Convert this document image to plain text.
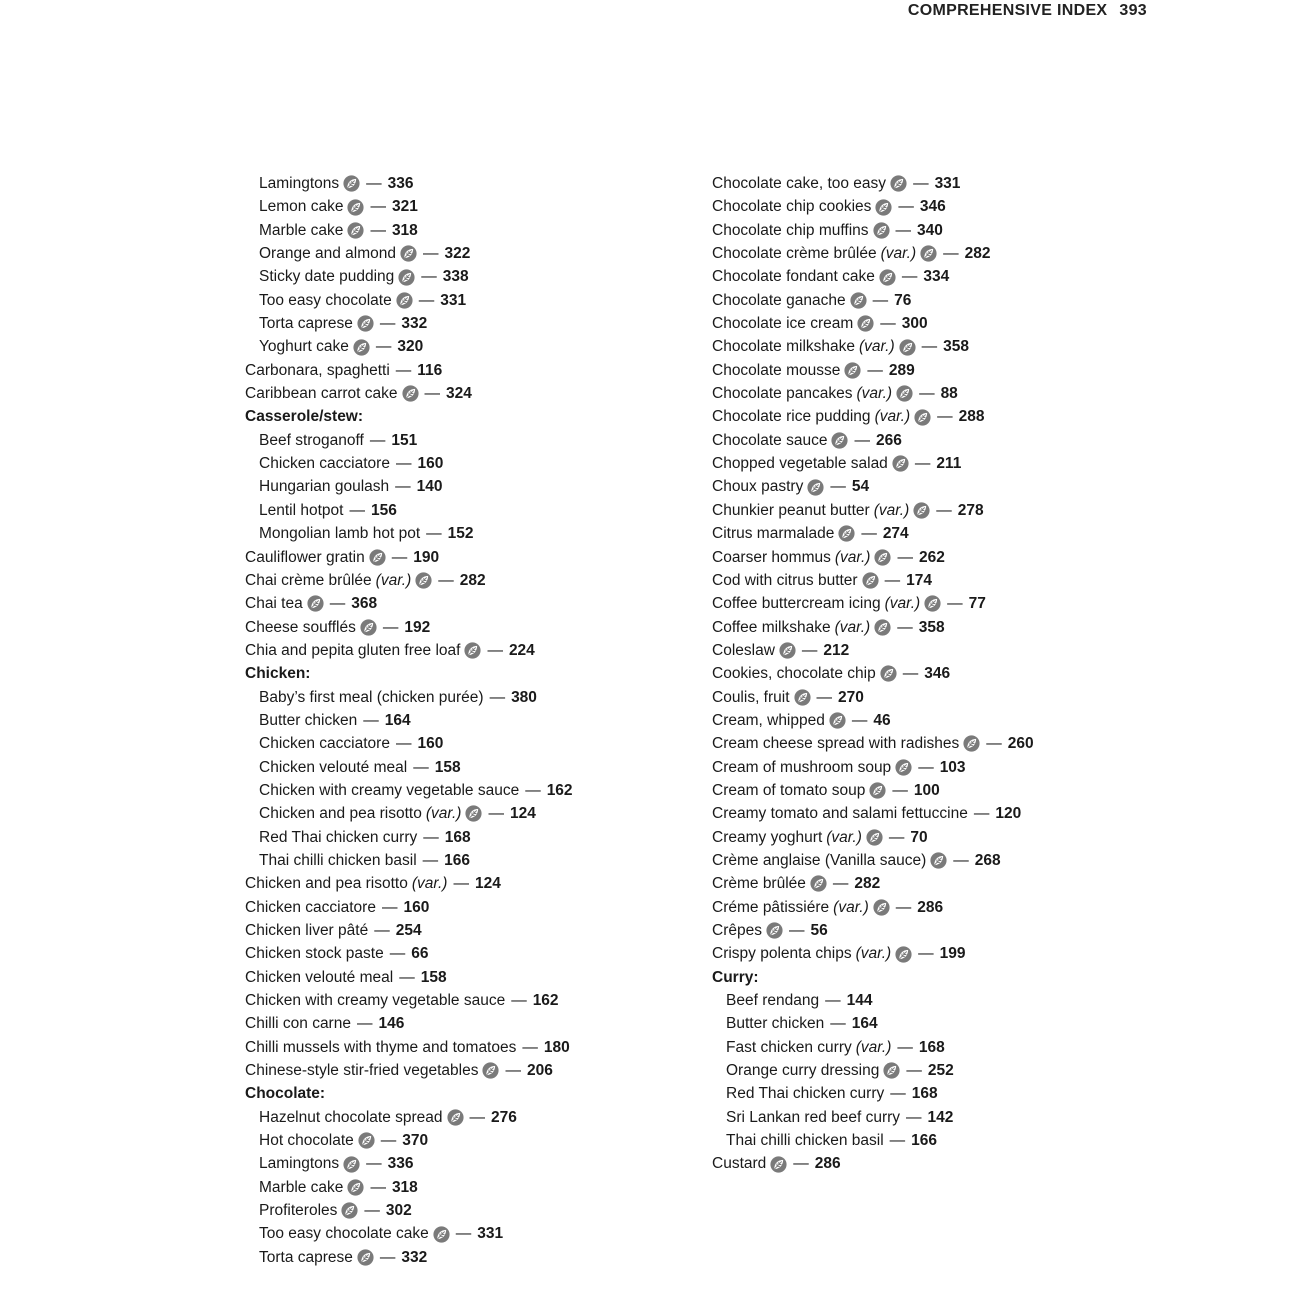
COMPREHENSIVE INDEX 393
Lamingtons — 336
Lemon cake — 321
Marble cake — 318
Orange and almond — 322
Sticky date pudding — 338
Too easy chocolate — 331
Torta caprese — 332
Yoghurt cake — 320
Carbonara, spaghetti — 116
Caribbean carrot cake — 324
Casserole/stew:
Beef stroganoff — 151
Chicken cacciatore — 160
Hungarian goulash — 140
Lentil hotpot — 156
Mongolian lamb hot pot — 152
Cauliflower gratin — 190
Chai crème brûlée (var.) — 282
Chai tea — 368
Cheese soufflés — 192
Chia and pepita gluten free loaf — 224
Chicken:
Baby’s first meal (chicken purée) — 380
Butter chicken — 164
Chicken cacciatore — 160
Chicken velouté meal — 158
Chicken with creamy vegetable sauce — 162
Chicken and pea risotto (var.) — 124
Red Thai chicken curry — 168
Thai chilli chicken basil — 166
Chicken and pea risotto (var.) — 124
Chicken cacciatore — 160
Chicken liver pâté — 254
Chicken stock paste — 66
Chicken velouté meal — 158
Chicken with creamy vegetable sauce — 162
Chilli con carne — 146
Chilli mussels with thyme and tomatoes — 180
Chinese-style stir-fried vegetables — 206
Chocolate:
Hazelnut chocolate spread — 276
Hot chocolate — 370
Lamingtons — 336
Marble cake — 318
Profiteroles — 302
Too easy chocolate cake — 331
Torta caprese — 332
Chocolate cake, too easy — 331
Chocolate chip cookies — 346
Chocolate chip muffins — 340
Chocolate crème brûlée (var.) — 282
Chocolate fondant cake — 334
Chocolate ganache — 76
Chocolate ice cream — 300
Chocolate milkshake (var.) — 358
Chocolate mousse — 289
Chocolate pancakes (var.) — 88
Chocolate rice pudding (var.) — 288
Chocolate sauce — 266
Chopped vegetable salad — 211
Choux pastry — 54
Chunkier peanut butter (var.) — 278
Citrus marmalade — 274
Coarser hommus (var.) — 262
Cod with citrus butter — 174
Coffee buttercream icing (var.) — 77
Coffee milkshake (var.) — 358
Coleslaw — 212
Cookies, chocolate chip — 346
Coulis, fruit — 270
Cream, whipped — 46
Cream cheese spread with radishes — 260
Cream of mushroom soup — 103
Cream of tomato soup — 100
Creamy tomato and salami fettuccine — 120
Creamy yoghurt (var.) — 70
Crème anglaise (Vanilla sauce) — 268
Crème brûlée — 282
Créme pâtissiére (var.) — 286
Crêpes — 56
Crispy polenta chips (var.) — 199
Curry:
Beef rendang — 144
Butter chicken — 164
Fast chicken curry (var.) — 168
Orange curry dressing — 252
Red Thai chicken curry — 168
Sri Lankan red beef curry — 142
Thai chilli chicken basil — 166
Custard — 286
